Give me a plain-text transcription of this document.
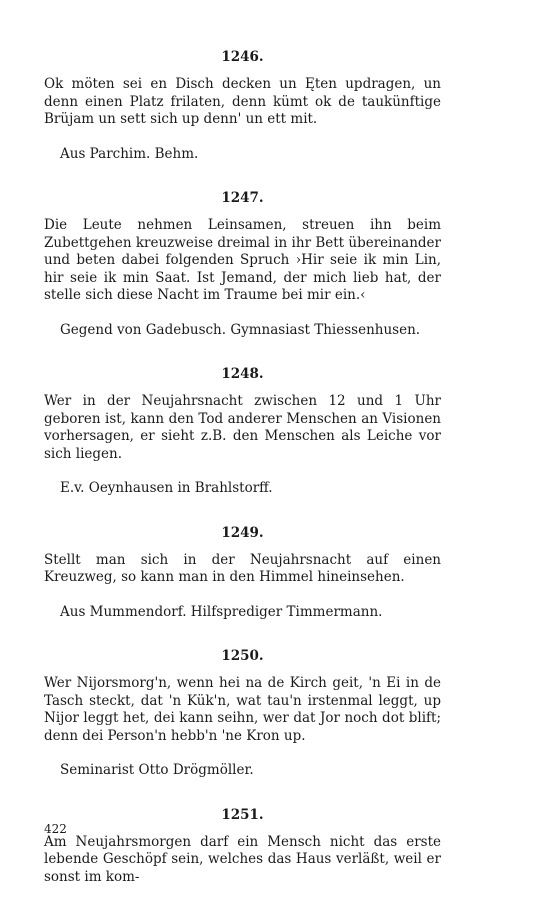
1246.

Ok möten sei en Disch decken un Ęten updragen, un denn einen Platz frilaten, denn kümt ok de taukünftige Brüjam un sett sich up denn' un ett mit.

Aus Parchim. Behm.

1247.

Die Leute nehmen Leinsamen, streuen ihn beim Zubettgehen kreuzweise dreimal in ihr Bett übereinander und beten dabei folgenden Spruch ›Hir seie ik min Lin, hir seie ik min Saat. Ist Jemand, der mich lieb hat, der stelle sich diese Nacht im Traume bei mir ein.‹

Gegend von Gadebusch. Gymnasiast Thiessenhusen.

1248.

Wer in der Neujahrsnacht zwischen 12 und 1 Uhr geboren ist, kann den Tod anderer Menschen an Visionen vorhersagen, er sieht z.B. den Menschen als Leiche vor sich liegen.

E.v. Oeynhausen in Brahlstorff.

1249.

Stellt man sich in der Neujahrsnacht auf einen Kreuzweg, so kann man in den Himmel hineinsehen.

Aus Mummendorf. Hilfsprediger Timmermann.

1250.

Wer Nijorsmorg'n, wenn hei na de Kirch geit, 'n Ei in de Tasch steckt, dat 'n Kük'n, wat tau'n irstenmal leggt, up Nijor leggt het, dei kann seihn, wer dat Jor noch dot blift; denn dei Person'n hebb'n 'ne Kron up.

Seminarist Otto Drögmöller.

1251.

Am Neujahrsmorgen darf ein Mensch nicht das erste lebende Geschöpf sein, welches das Haus verläßt, weil er sonst im kom-

422
